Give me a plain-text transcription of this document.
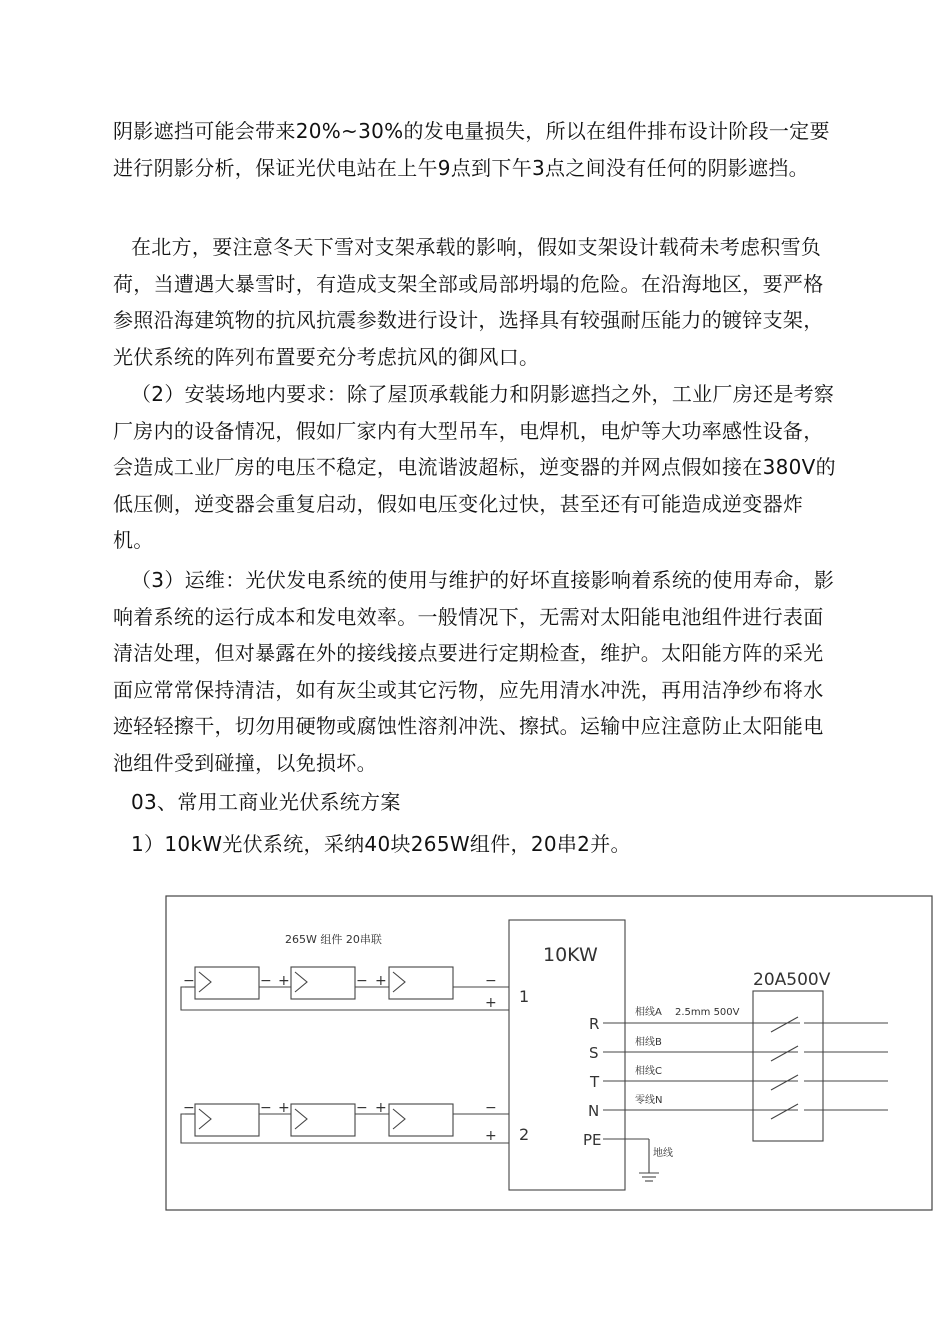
阴影遮挡可能会带来20%~30%的发电量损失，所以在组件排布设计阶段一定要进行阴影分析，保证光伏电站在上午9点到下午3点之间没有任何的阴影遮挡。

在北方，要注意冬天下雪对支架承载的影响，假如支架设计载荷未考虑积雪负荷，当遭遇大暴雪时，有造成支架全部或局部坍塌的危险。在沿海地区，要严格参照沿海建筑物的抗风抗震参数进行设计，选择具有较强耐压能力的镀锌支架，光伏系统的阵列布置要充分考虑抗风的御风口。

（2）安装场地内要求：除了屋顶承载能力和阴影遮挡之外，工业厂房还是考察厂房内的设备情况，假如厂家内有大型吊车，电焊机，电炉等大功率感性设备，会造成工业厂房的电压不稳定，电流谐波超标，逆变器的并网点假如接在380V的低压侧，逆变器会重复启动，假如电压变化过快，甚至还有可能造成逆变器炸机。

（3）运维：光伏发电系统的使用与维护的好坏直接影响着系统的使用寿命，影响着系统的运行成本和发电效率。一般情况下，无需对太阳能电池组件进行表面清洁处理，但对暴露在外的接线接点要进行定期检查，维护。太阳能方阵的采光面应常常保持清洁，如有灰尘或其它污物，应先用清水冲洗，再用洁净纱布将水迹轻轻擦干，切勿用硬物或腐蚀性溶剂冲洗、擦拭。运输中应注意防止太阳能电池组件受到碰撞，以免损坏。

03、常用工商业光伏系统方案

1）10kW光伏系统，采纳40块265W组件，20串2并。

265W 组件 20串联
−	− +	− +	−
+
−	− +	− +	−
+
10KW
1
2
R
S
T
N
PE
相线A 2.5mm 500V
相线B
相线C
零线N
地线
20A500V
